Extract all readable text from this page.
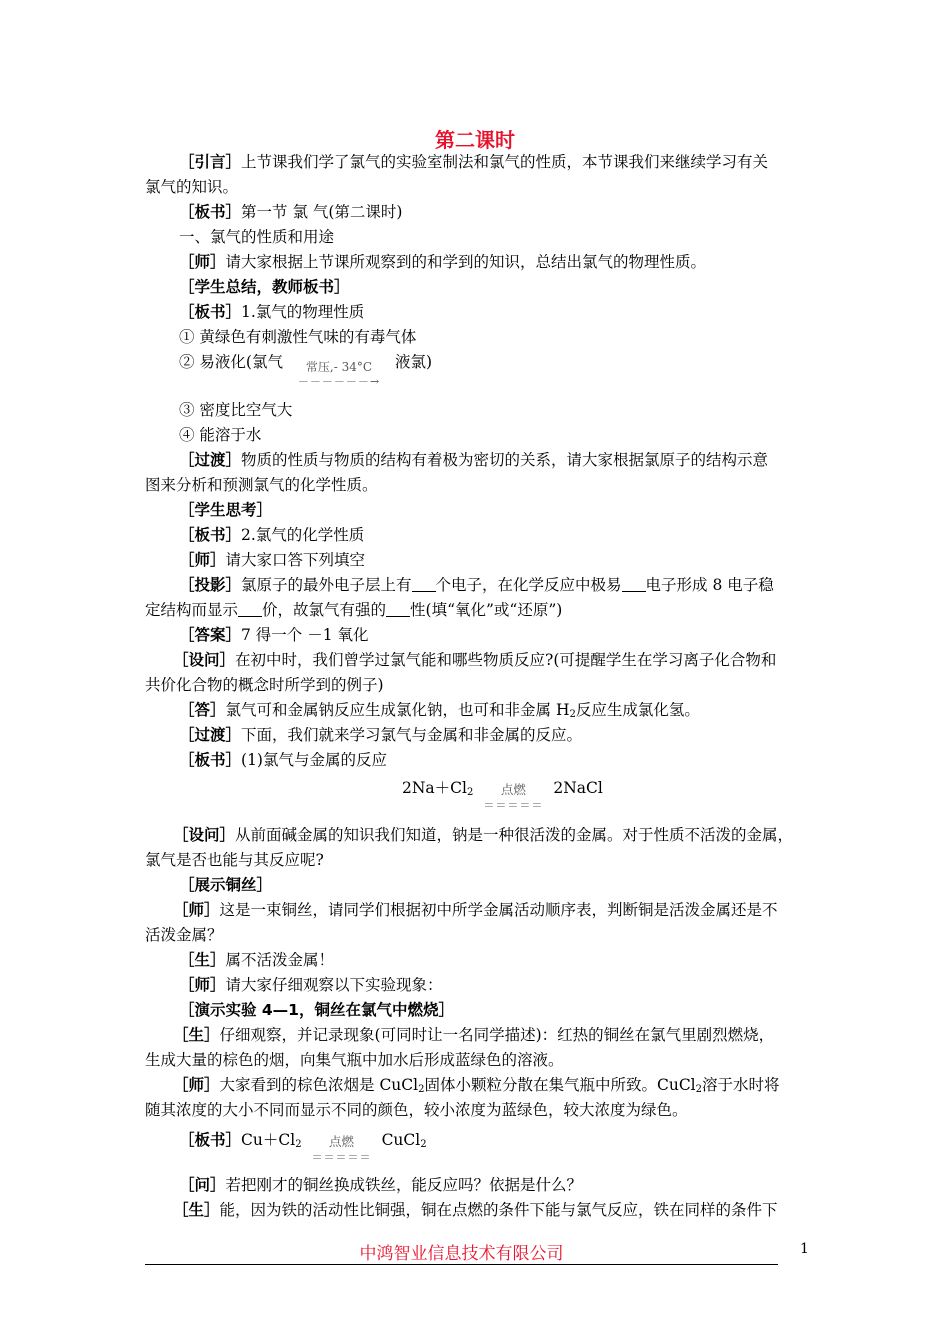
第二课时
［引言］上节课我们学了氯气的实验室制法和氯气的性质，本节课我们来继续学习有关
氯气的知识。
［板书］第一节 氯 气(第二课时)
一、氯气的性质和用途
［师］请大家根据上节课所观察到的和学到的知识，总结出氯气的物理性质。
［学生总结，教师板书］
［板书］1.氯气的物理性质
① 黄绿色有刺激性气味的有毒气体
② 易液化(氯气	常压,- 34°C
－－－－－－→
液氯)
③ 密度比空气大
④ 能溶于水
［过渡］物质的性质与物质的结构有着极为密切的关系，请大家根据氯原子的结构示意
图来分析和预测氯气的化学性质。
［学生思考］
［板书］2.氯气的化学性质
［师］请大家口答下列填空
［投影］氯原子的最外电子层上有 个电子，在化学反应中极易 电子形成 8 电子稳
定结构而显示 价，故氯气有强的 性(填“氧化”或“还原”)
［答案］7 得一个 －1 氧化
［设问］在初中时，我们曾学过氯气能和哪些物质反应?(可提醒学生在学习离子化合物和
共价化合物的概念时所学到的例子)
［答］氯气可和金属钠反应生成氯化钠，也可和非金属 $H_2$反应生成氯化氢。
［过渡］下面，我们就来学习氯气与金属和非金属的反应。
［板书］(1)氯气与金属的反应
$2Na+Cl_2$	点燃
＝＝＝＝＝
2NaCl
［设问］从前面碱金属的知识我们知道，钠是一种很活泼的金属。对于性质不活泼的金属，
氯气是否也能与其反应呢?
［展示铜丝］
［师］这是一束铜丝，请同学们根据初中所学金属活动顺序表，判断铜是活泼金属还是不
活泼金属？
［生］属不活泼金属！
［师］请大家仔细观察以下实验现象：
［演示实验 4—1，铜丝在氯气中燃烧］
［生］仔细观察，并记录现象(可同时让一名同学描述)：红热的铜丝在氯气里剧烈燃烧，
生成大量的棕色的烟，向集气瓶中加水后形成蓝绿色的溶液。
［师］大家看到的棕色浓烟是 CuCl$_2$固体小颗粒分散在集气瓶中所致。CuCl$_2$溶于水时将
随其浓度的大小不同而显示不同的颜色，较小浓度为蓝绿色，较大浓度为绿色。
［板书$]Cu+Cl_2$	点燃
＝＝＝＝＝
CuCl$_2$
［问］若把刚才的铜丝换成铁丝，能反应吗？依据是什么？
［生］能，因为铁的活动性比铜强，铜在点燃的条件下能与氯气反应，铁在同样的条件下
中鸿智业信息技术有限公司	1
